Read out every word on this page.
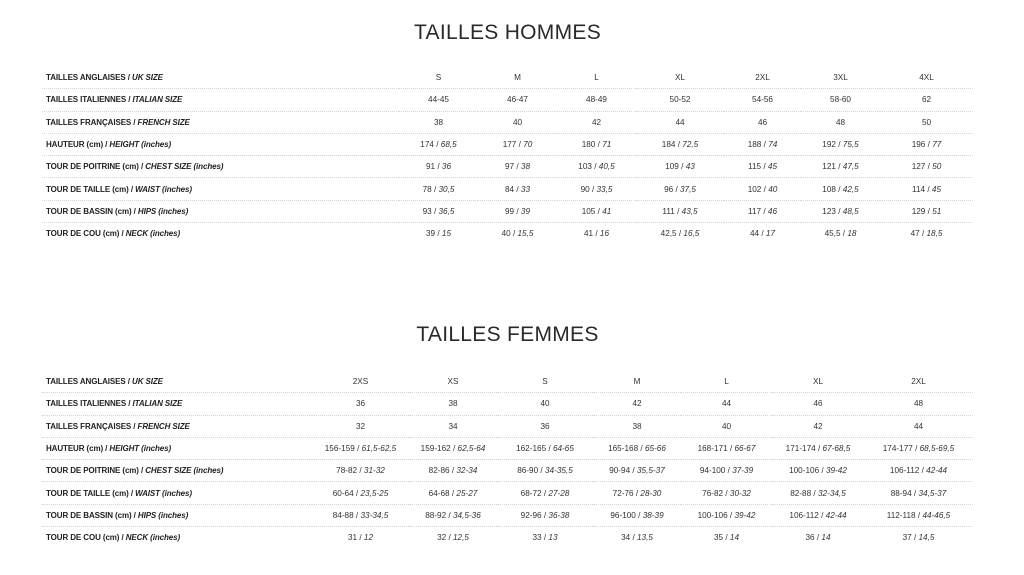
TAILLES HOMMES
TAILLES ANGLAISES / UK SIZE	S	M	L	XL	2XL	3XL	4XL
TAILLES ITALIENNES / ITALIAN SIZE	44-45	46-47	48-49	50-52	54-56	58-60	62
TAILLES FRANÇAISES / FRENCH SIZE	38	40	42	44	46	48	50
HAUTEUR (cm) / HEIGHT (inches)	174 / 68,5	177 / 70	180 / 71	184 / 72,5	188 / 74	192 / 75,5	196 / 77
TOUR DE POITRINE (cm) / CHEST SIZE (inches)	91 / 36	97 / 38	103 / 40,5	109 / 43	115 / 45	121 / 47,5	127 / 50
TOUR DE TAILLE (cm) / WAIST (inches)	78 / 30,5	84 / 33	90 / 33,5	96 / 37,5	102 / 40	108 / 42,5	114 / 45
TOUR DE BASSIN (cm) / HIPS (inches)	93 / 36,5	99 / 39	105 / 41	111 / 43,5	117 / 46	123 / 48,5	129 / 51
TOUR DE COU (cm) / NECK (inches)	39 / 15	40 / 15,5	41 / 16	42,5 / 16,5	44 / 17	45,5 / 18	47 / 18,5
TAILLES FEMMES
TAILLES ANGLAISES / UK SIZE	2XS	XS	S	M	L	XL	2XL
TAILLES ITALIENNES / ITALIAN SIZE	36	38	40	42	44	46	48
TAILLES FRANÇAISES / FRENCH SIZE	32	34	36	38	40	42	44
HAUTEUR (cm) / HEIGHT (inches)	156-159 / 61,5-62,5	159-162 / 62,5-64	162-165 / 64-65	165-168 / 65-66	168-171 / 66-67	171-174 / 67-68,5	174-177 / 68,5-69,5
TOUR DE POITRINE (cm) / CHEST SIZE (inches)	78-82 / 31-32	82-86 / 32-34	86-90 / 34-35,5	90-94 / 35,5-37	94-100 / 37-39	100-106 / 39-42	106-112 / 42-44
TOUR DE TAILLE (cm) / WAIST (inches)	60-64 / 23,5-25	64-68 / 25-27	68-72 / 27-28	72-76 / 28-30	76-82 / 30-32	82-88 / 32-34,5	88-94 / 34,5-37
TOUR DE BASSIN (cm) / HIPS (inches)	84-88 / 33-34,5	88-92 / 34,5-36	92-96 / 36-38	96-100 / 38-39	100-106 / 39-42	106-112 / 42-44	112-118 / 44-46,5
TOUR DE COU (cm) / NECK (inches)	31 / 12	32 / 12,5	33 / 13	34 / 13,5	35 / 14	36 / 14	37 / 14,5
